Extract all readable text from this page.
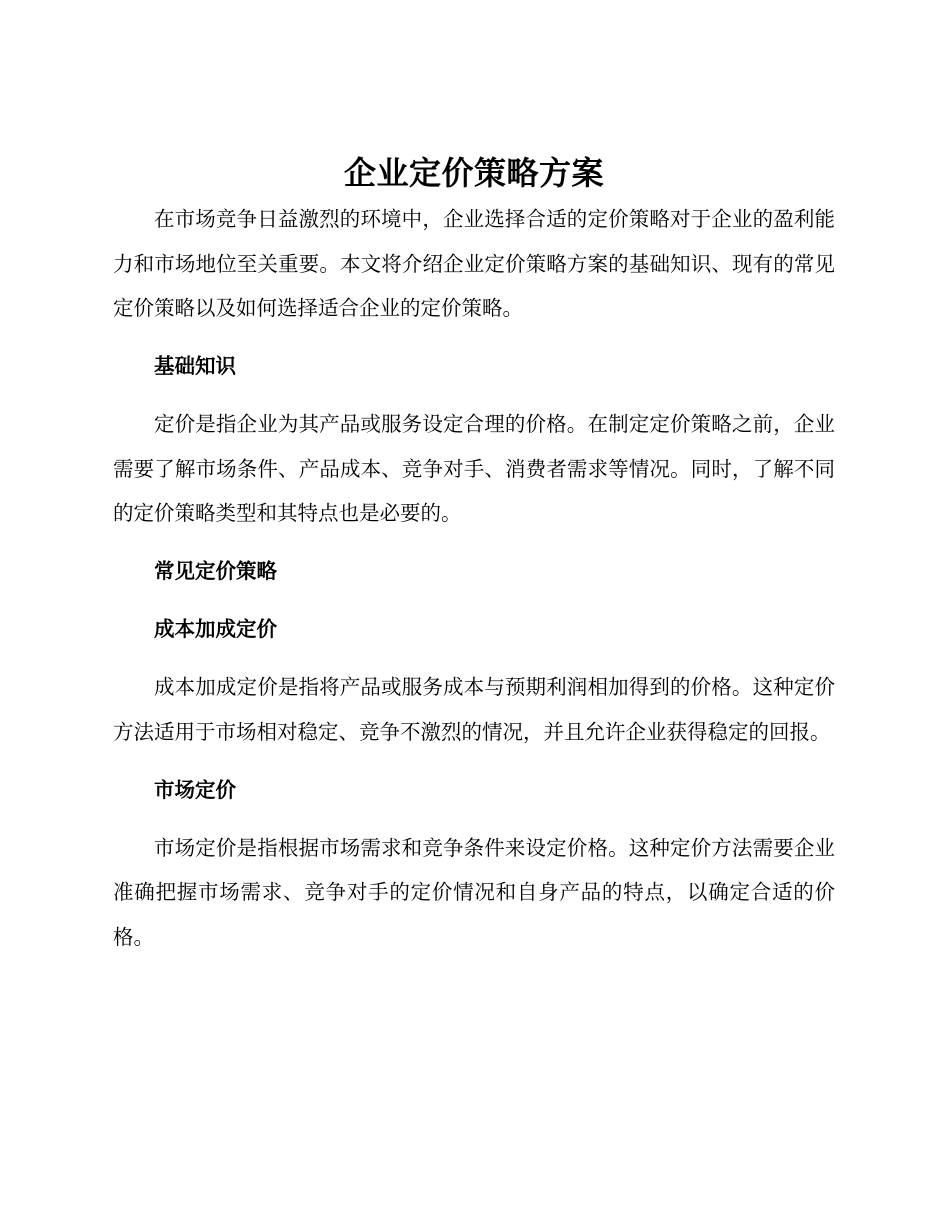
企业定价策略方案

在市场竞争日益激烈的环境中，企业选择合适的定价策略对于企业的盈利能力和市场地位至关重要。本文将介绍企业定价策略方案的基础知识、现有的常见定价策略以及如何选择适合企业的定价策略。

基础知识

定价是指企业为其产品或服务设定合理的价格。在制定定价策略之前，企业需要了解市场条件、产品成本、竞争对手、消费者需求等情况。同时，了解不同的定价策略类型和其特点也是必要的。

常见定价策略
成本加成定价

成本加成定价是指将产品或服务成本与预期利润相加得到的价格。这种定价方法适用于市场相对稳定、竞争不激烈的情况，并且允许企业获得稳定的回报。

市场定价

市场定价是指根据市场需求和竞争条件来设定价格。这种定价方法需要企业准确把握市场需求、竞争对手的定价情况和自身产品的特点，以确定合适的价格。
